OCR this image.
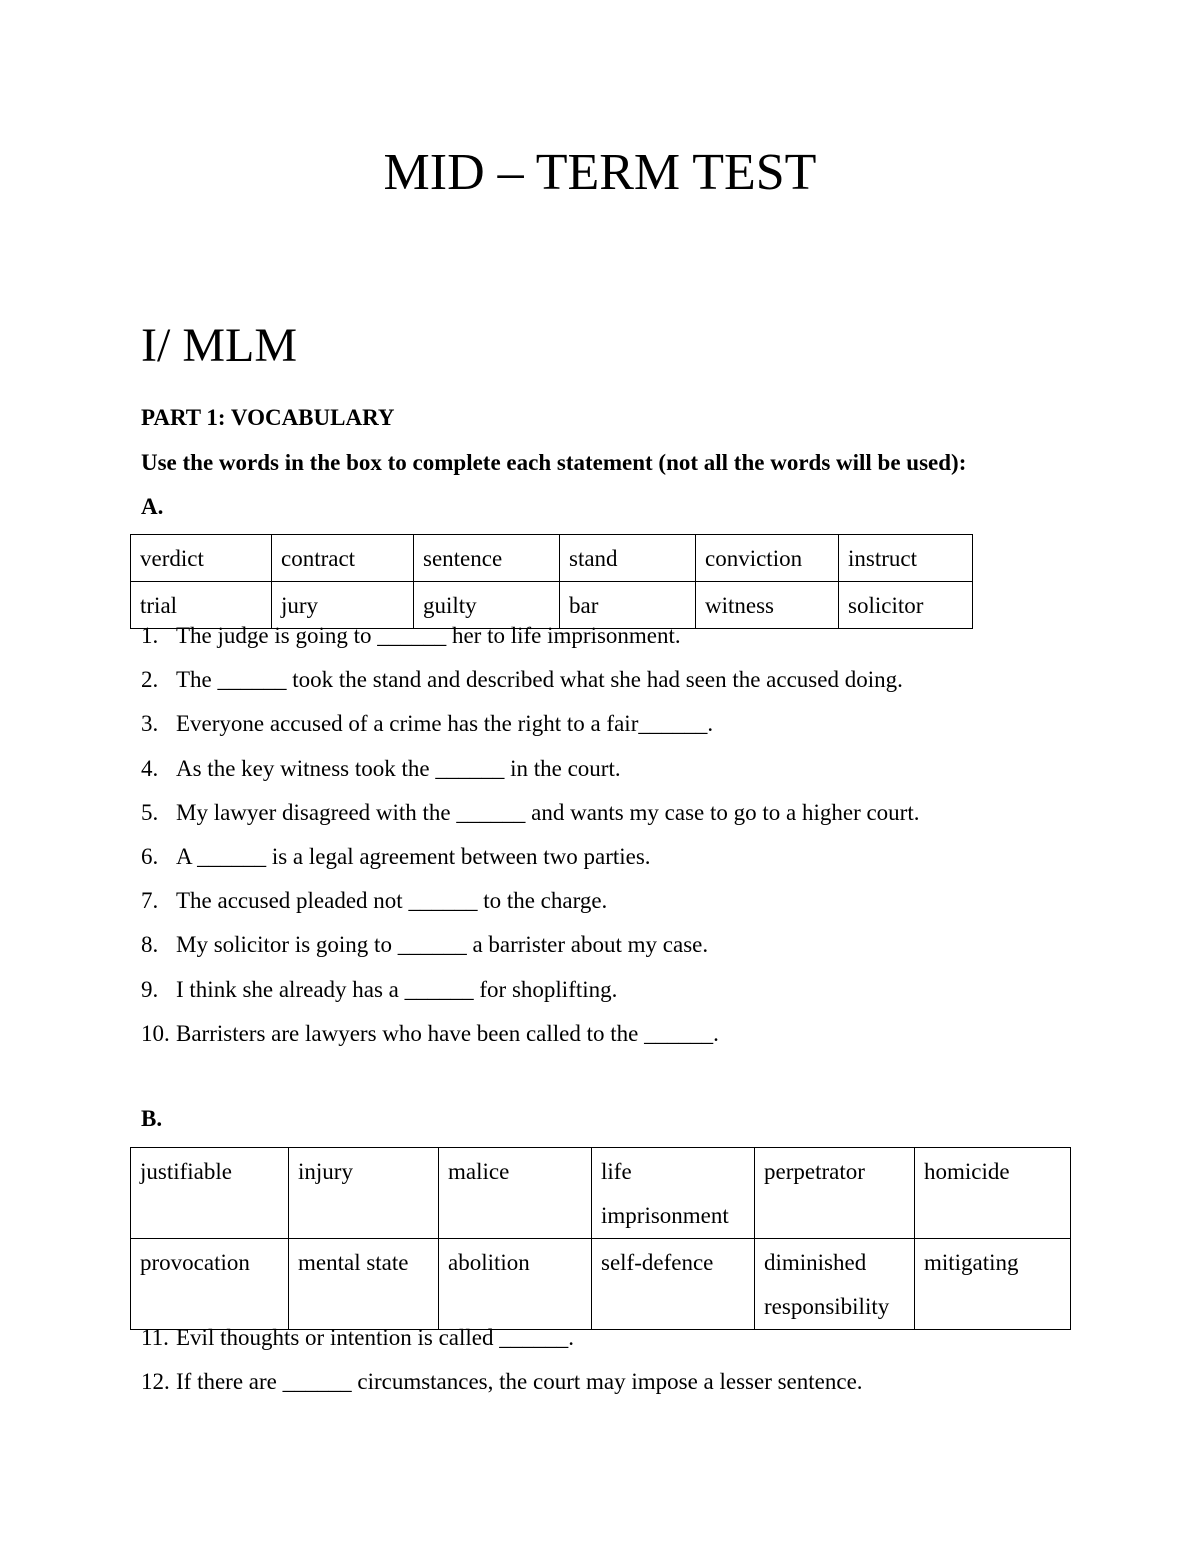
MID – TERM TEST
I/ MLM
PART 1: VOCABULARY
Use the words in the box to complete each statement (not all the words will be used):
A.
verdict	contract	sentence	stand	conviction	instruct
trial	jury	guilty	bar	witness	solicitor
1. The judge is going to ______ her to life imprisonment.
2. The ______ took the stand and described what she had seen the accused doing.
3. Everyone accused of a crime has the right to a fair______.
4. As the key witness took the ______ in the court.
5. My lawyer disagreed with the ______ and wants my case to go to a higher court.
6. A ______ is a legal agreement between two parties.
7. The accused pleaded not ______ to the charge.
8. My solicitor is going to ______ a barrister about my case.
9. I think she already has a ______ for shoplifting.
10. Barristers are lawyers who have been called to the ______.
B.
justifiable	injury	malice	life imprisonment	perpetrator	homicide
provocation	mental state	abolition	self-defence	diminished responsibility	mitigating
11. Evil thoughts or intention is called ______.
12. If there are ______ circumstances, the court may impose a lesser sentence.
